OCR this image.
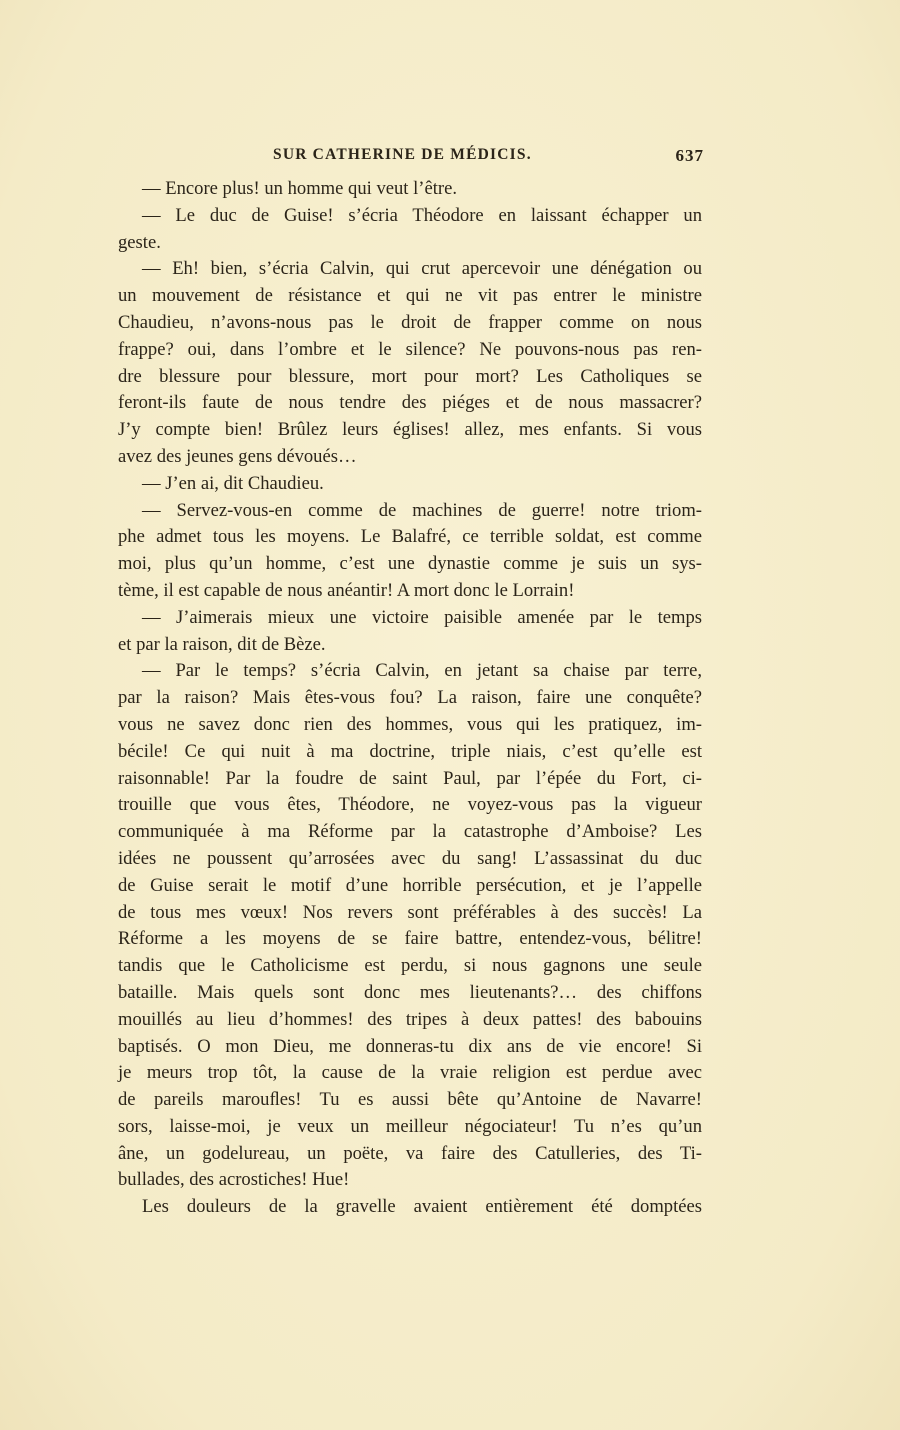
SUR CATHERINE DE MÉDICIS.	637
— Encore plus! un homme qui veut l’être.
— Le duc de Guise! s’écria Théodore en laissant échapper un
geste.
— Eh! bien, s’écria Calvin, qui crut apercevoir une dénégation ou
un mouvement de résistance et qui ne vit pas entrer le ministre
Chaudieu, n’avons-nous pas le droit de frapper comme on nous
frappe? oui, dans l’ombre et le silence? Ne pouvons-nous pas ren-
dre blessure pour blessure, mort pour mort? Les Catholiques se
feront-ils faute de nous tendre des piéges et de nous massacrer?
J’y compte bien! Brûlez leurs églises! allez, mes enfants. Si vous
avez des jeunes gens dévoués…
— J’en ai, dit Chaudieu.
— Servez-vous-en comme de machines de guerre! notre triom-
phe admet tous les moyens. Le Balafré, ce terrible soldat, est comme
moi, plus qu’un homme, c’est une dynastie comme je suis un sys-
tème, il est capable de nous anéantir! A mort donc le Lorrain!
— J’aimerais mieux une victoire paisible amenée par le temps
et par la raison, dit de Bèze.
— Par le temps? s’écria Calvin, en jetant sa chaise par terre,
par la raison? Mais êtes-vous fou? La raison, faire une conquête?
vous ne savez donc rien des hommes, vous qui les pratiquez, im-
bécile! Ce qui nuit à ma doctrine, triple niais, c’est qu’elle est
raisonnable! Par la foudre de saint Paul, par l’épée du Fort, ci-
trouille que vous êtes, Théodore, ne voyez-vous pas la vigueur
communiquée à ma Réforme par la catastrophe d’Amboise? Les
idées ne poussent qu’arrosées avec du sang! L’assassinat du duc
de Guise serait le motif d’une horrible persécution, et je l’appelle
de tous mes vœux! Nos revers sont préférables à des succès! La
Réforme a les moyens de se faire battre, entendez-vous, bélitre!
tandis que le Catholicisme est perdu, si nous gagnons une seule
bataille. Mais quels sont donc mes lieutenants?… des chiffons
mouillés au lieu d’hommes! des tripes à deux pattes! des babouins
baptisés. O mon Dieu, me donneras-tu dix ans de vie encore! Si
je meurs trop tôt, la cause de la vraie religion est perdue avec
de pareils marouﬂes! Tu es aussi bête qu’Antoine de Navarre!
sors, laisse-moi, je veux un meilleur négociateur! Tu n’es qu’un
âne, un godelureau, un poëte, va faire des Catulleries, des Ti-
bullades, des acrostiches! Hue!
Les douleurs de la gravelle avaient entièrement été domptées
